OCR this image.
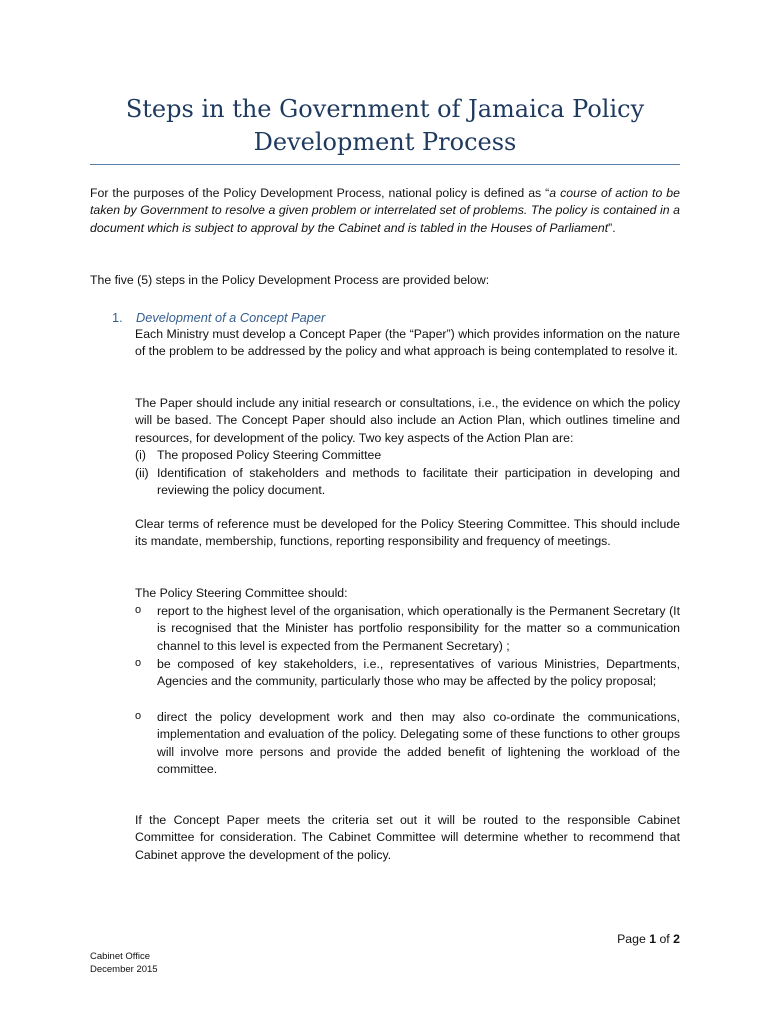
Steps in the Government of Jamaica Policy
Development Process
For the purposes of the Policy Development Process, national policy is defined as “a course of action to be taken by Government to resolve a given problem or interrelated set of problems. The policy is contained in a document which is subject to approval by the Cabinet and is tabled in the Houses of Parliament”.
The five (5) steps in the Policy Development Process are provided below:
1. Development of a Concept Paper
Each Ministry must develop a Concept Paper (the “Paper”) which provides information on the nature of the problem to be addressed by the policy and what approach is being contemplated to resolve it.
The Paper should include any initial research or consultations, i.e., the evidence on which the policy will be based. The Concept Paper should also include an Action Plan, which outlines timeline and resources, for development of the policy. Two key aspects of the Action Plan are:
(i) The proposed Policy Steering Committee
(ii) Identification of stakeholders and methods to facilitate their participation in developing and reviewing the policy document.
Clear terms of reference must be developed for the Policy Steering Committee. This should include its mandate, membership, functions, reporting responsibility and frequency of meetings.
The Policy Steering Committee should:
o report to the highest level of the organisation, which operationally is the Permanent Secretary (It is recognised that the Minister has portfolio responsibility for the matter so a communication channel to this level is expected from the Permanent Secretary) ;
o be composed of key stakeholders, i.e., representatives of various Ministries, Departments, Agencies and the community, particularly those who may be affected by the policy proposal;
o direct the policy development work and then may also co-ordinate the communications, implementation and evaluation of the policy. Delegating some of these functions to other groups will involve more persons and provide the added benefit of lightening the workload of the committee.
If the Concept Paper meets the criteria set out it will be routed to the responsible Cabinet Committee for consideration. The Cabinet Committee will determine whether to recommend that Cabinet approve the development of the policy.
Page 1 of 2
Cabinet Office
December 2015
